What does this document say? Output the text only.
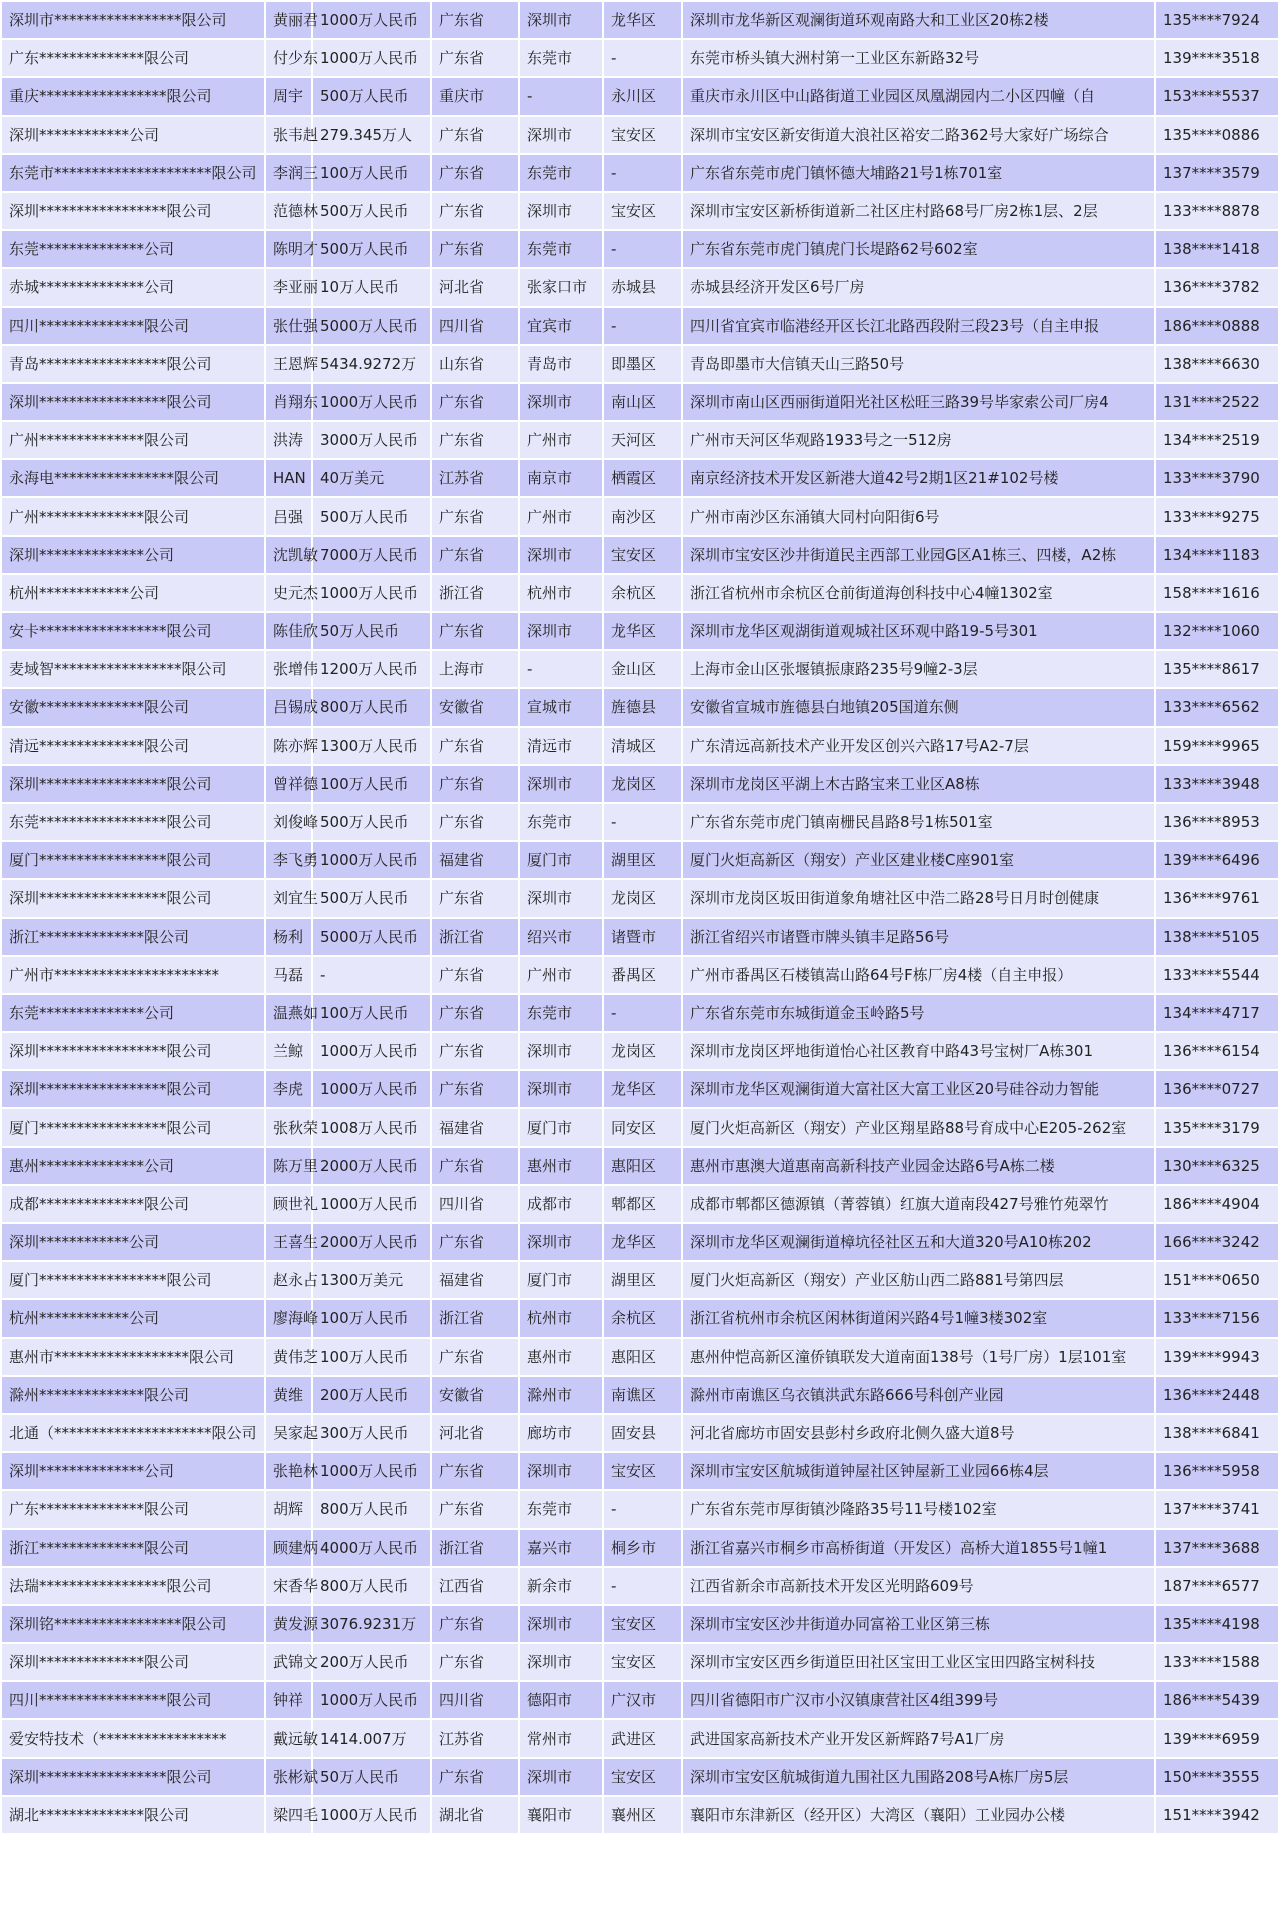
深圳市*****************限公司	黄丽君	1000万人民币	广东省	深圳市	龙华区	深圳市龙华新区观澜街道环观南路大和工业区20栋2楼	135****7924
广东**************限公司	付少东	1000万人民币	广东省	东莞市	-	东莞市桥头镇大洲村第一工业区东新路32号	139****3518
重庆*****************限公司	周宇	500万人民币	重庆市	-	永川区	重庆市永川区中山路街道工业园区凤凰湖园内二小区四幢（自	153****5537
深圳************公司	张韦赳	279.345万人	广东省	深圳市	宝安区	深圳市宝安区新安街道大浪社区裕安二路362号大家好广场综合	135****0886
东莞市*********************限公司	李润三	100万人民币	广东省	东莞市	-	广东省东莞市虎门镇怀德大埔路21号1栋701室	137****3579
深圳*****************限公司	范德林	500万人民币	广东省	深圳市	宝安区	深圳市宝安区新桥街道新二社区庄村路68号厂房2栋1层、2层	133****8878
东莞**************公司	陈明才	500万人民币	广东省	东莞市	-	广东省东莞市虎门镇虎门长堤路62号602室	138****1418
赤城**************公司	李亚丽	10万人民币	河北省	张家口市	赤城县	赤城县经济开发区6号厂房	136****3782
四川**************限公司	张仕强	5000万人民币	四川省	宜宾市	-	四川省宜宾市临港经开区长江北路西段附三段23号（自主申报	186****0888
青岛*****************限公司	王恩辉	5434.9272万	山东省	青岛市	即墨区	青岛即墨市大信镇天山三路50号	138****6630
深圳*****************限公司	肖翔东	1000万人民币	广东省	深圳市	南山区	深圳市南山区西丽街道阳光社区松旺三路39号毕家索公司厂房4	131****2522
广州**************限公司	洪涛	3000万人民币	广东省	广州市	天河区	广州市天河区华观路1933号之一512房	134****2519
永海电****************限公司	HAN	40万美元	江苏省	南京市	栖霞区	南京经济技术开发区新港大道42号2期1区21#102号楼	133****3790
广州**************限公司	吕强	500万人民币	广东省	广州市	南沙区	广州市南沙区东涌镇大同村向阳街6号	133****9275
深圳**************公司	沈凯敏	7000万人民币	广东省	深圳市	宝安区	深圳市宝安区沙井街道民主西部工业园G区A1栋三、四楼，A2栋	134****1183
杭州************公司	史元杰	1000万人民币	浙江省	杭州市	余杭区	浙江省杭州市余杭区仓前街道海创科技中心4幢1302室	158****1616
安卡*****************限公司	陈佳欣	50万人民币	广东省	深圳市	龙华区	深圳市龙华区观湖街道观城社区环观中路19-5号301	132****1060
麦域智*****************限公司	张增伟	1200万人民币	上海市	-	金山区	上海市金山区张堰镇振康路235号9幢2-3层	135****8617
安徽**************限公司	吕锡成	800万人民币	安徽省	宣城市	旌德县	安徽省宣城市旌德县白地镇205国道东侧	133****6562
清远**************限公司	陈亦辉	1300万人民币	广东省	清远市	清城区	广东清远高新技术产业开发区创兴六路17号A2-7层	159****9965
深圳*****************限公司	曾祥德	100万人民币	广东省	深圳市	龙岗区	深圳市龙岗区平湖上木古路宝来工业区A8栋	133****3948
东莞*****************限公司	刘俊峰	500万人民币	广东省	东莞市	-	广东省东莞市虎门镇南栅民昌路8号1栋501室	136****8953
厦门*****************限公司	李飞勇	1000万人民币	福建省	厦门市	湖里区	厦门火炬高新区（翔安）产业区建业楼C座901室	139****6496
深圳*****************限公司	刘宜生	500万人民币	广东省	深圳市	龙岗区	深圳市龙岗区坂田街道象角塘社区中浩二路28号日月时创健康	136****9761
浙江**************限公司	杨利	5000万人民币	浙江省	绍兴市	诸暨市	浙江省绍兴市诸暨市牌头镇丰足路56号	138****5105
广州市**********************	马磊	-	广东省	广州市	番禺区	广州市番禺区石楼镇嵩山路64号F栋厂房4楼（自主申报）	133****5544
东莞**************公司	温燕如	100万人民币	广东省	东莞市	-	广东省东莞市东城街道金玉岭路5号	134****4717
深圳*****************限公司	兰鲸	1000万人民币	广东省	深圳市	龙岗区	深圳市龙岗区坪地街道怡心社区教育中路43号宝树厂A栋301	136****6154
深圳*****************限公司	李虎	1000万人民币	广东省	深圳市	龙华区	深圳市龙华区观澜街道大富社区大富工业区20号硅谷动力智能	136****0727
厦门*****************限公司	张秋荣	1008万人民币	福建省	厦门市	同安区	厦门火炬高新区（翔安）产业区翔星路88号育成中心E205-262室	135****3179
惠州**************公司	陈万里	2000万人民币	广东省	惠州市	惠阳区	惠州市惠澳大道惠南高新科技产业园金达路6号A栋二楼	130****6325
成都**************限公司	顾世礼	1000万人民币	四川省	成都市	郫都区	成都市郫都区德源镇（菁蓉镇）红旗大道南段427号雅竹苑翠竹	186****4904
深圳************公司	王喜生	2000万人民币	广东省	深圳市	龙华区	深圳市龙华区观澜街道樟坑径社区五和大道320号A10栋202	166****3242
厦门*****************限公司	赵永占	1300万美元	福建省	厦门市	湖里区	厦门火炬高新区（翔安）产业区舫山西二路881号第四层	151****0650
杭州************公司	廖海峰	100万人民币	浙江省	杭州市	余杭区	浙江省杭州市余杭区闲林街道闲兴路4号1幢3楼302室	133****7156
惠州市******************限公司	黄伟芝	100万人民币	广东省	惠州市	惠阳区	惠州仲恺高新区潼侨镇联发大道南面138号（1号厂房）1层101室	139****9943
滁州**************限公司	黄维	200万人民币	安徽省	滁州市	南谯区	滁州市南谯区乌衣镇洪武东路666号科创产业园	136****2448
北通（*********************限公司	吴家起	300万人民币	河北省	廊坊市	固安县	河北省廊坊市固安县彭村乡政府北侧久盛大道8号	138****6841
深圳**************公司	张艳林	1000万人民币	广东省	深圳市	宝安区	深圳市宝安区航城街道钟屋社区钟屋新工业园66栋4层	136****5958
广东**************限公司	胡辉	800万人民币	广东省	东莞市	-	广东省东莞市厚街镇沙隆路35号11号楼102室	137****3741
浙江**************限公司	顾建炳	4000万人民币	浙江省	嘉兴市	桐乡市	浙江省嘉兴市桐乡市高桥街道（开发区）高桥大道1855号1幢1	137****3688
法瑞*****************限公司	宋香华	800万人民币	江西省	新余市	-	江西省新余市高新技术开发区光明路609号	187****6577
深圳铭*****************限公司	黄发源	3076.9231万	广东省	深圳市	宝安区	深圳市宝安区沙井街道办同富裕工业区第三栋	135****4198
深圳**************限公司	武锦文	200万人民币	广东省	深圳市	宝安区	深圳市宝安区西乡街道臣田社区宝田工业区宝田四路宝树科技	133****1588
四川*****************限公司	钟祥	1000万人民币	四川省	德阳市	广汉市	四川省德阳市广汉市小汉镇康营社区4组399号	186****5439
爱安特技术（*****************	戴远敏	1414.007万	江苏省	常州市	武进区	武进国家高新技术产业开发区新辉路7号A1厂房	139****6959
深圳*****************限公司	张彬斌	50万人民币	广东省	深圳市	宝安区	深圳市宝安区航城街道九围社区九围路208号A栋厂房5层	150****3555
湖北**************限公司	梁四毛	1000万人民币	湖北省	襄阳市	襄州区	襄阳市东津新区（经开区）大湾区（襄阳）工业园办公楼	151****3942
